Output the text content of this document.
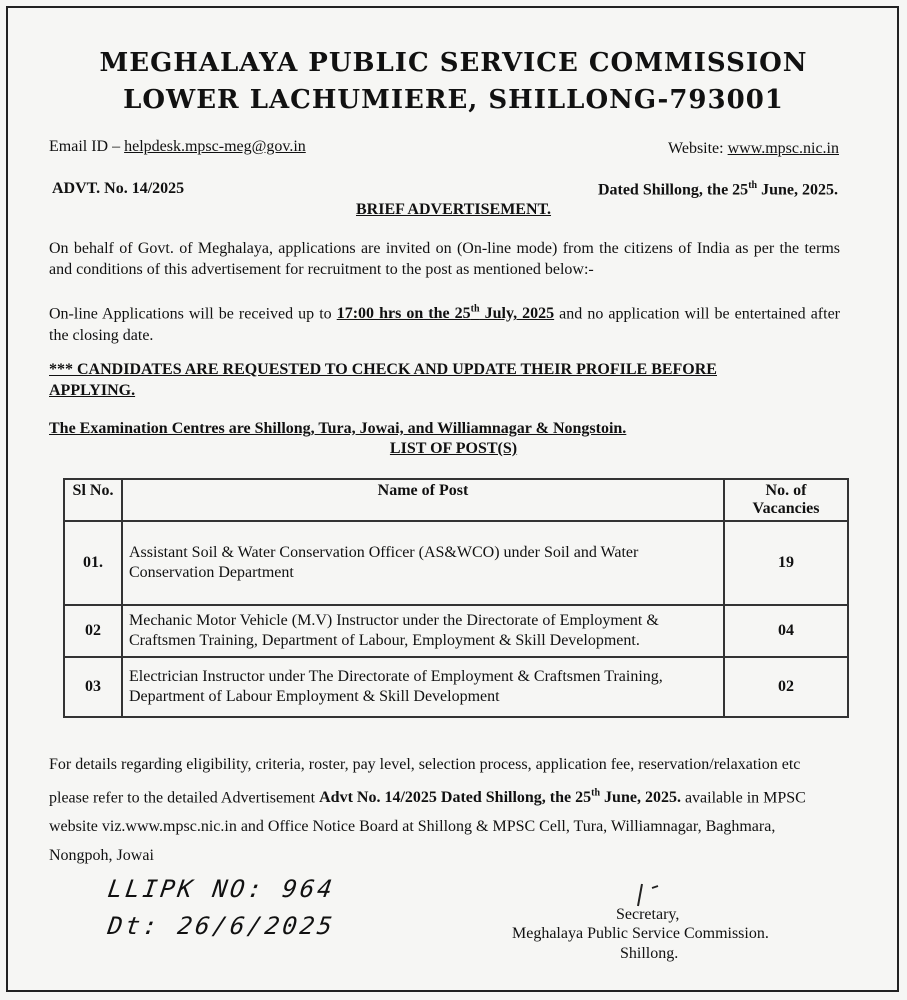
MEGHALAYA PUBLIC SERVICE COMMISSION
LOWER LACHUMIERE, SHILLONG-793001
Email ID – helpdesk.mpsc-meg@gov.in	Website: www.mpsc.nic.in
ADVT. No. 14/2025	Dated Shillong, the 25th June, 2025.
BRIEF ADVERTISEMENT.
On behalf of Govt. of Meghalaya, applications are invited on (On-line mode) from the citizens of India as per the terms and conditions of this advertisement for recruitment to the post as mentioned below:-
On-line Applications will be received up to 17:00 hrs on the 25th July, 2025 and no application will be entertained after the closing date.
*** CANDIDATES ARE REQUESTED TO CHECK AND UPDATE THEIR PROFILE BEFORE APPLYING.
The Examination Centres are Shillong, Tura, Jowai, and Williamnagar & Nongstoin.
LIST OF POST(S)
Sl No.	Name of Post	No. of Vacancies
01.	Assistant Soil & Water Conservation Officer (AS&WCO) under Soil and Water Conservation Department	19
02	Mechanic Motor Vehicle (M.V) Instructor under the Directorate of Employment & Craftsmen Training, Department of Labour, Employment & Skill Development.	04
03	Electrician Instructor under The Directorate of Employment & Craftsmen Training, Department of Labour Employment & Skill Development	02
For details regarding eligibility, criteria, roster, pay level, selection process, application fee, reservation/relaxation etc please refer to the detailed Advertisement Advt No. 14/2025 Dated Shillong, the 25th June, 2025. available in MPSC website viz.www.mpsc.nic.in and Office Notice Board at Shillong & MPSC Cell, Tura, Williamnagar, Baghmara, Nongpoh, Jowai
LLIPK NO: 964
Dt: 26/6/2025	Secretary,
Meghalaya Public Service Commission.
Shillong.
